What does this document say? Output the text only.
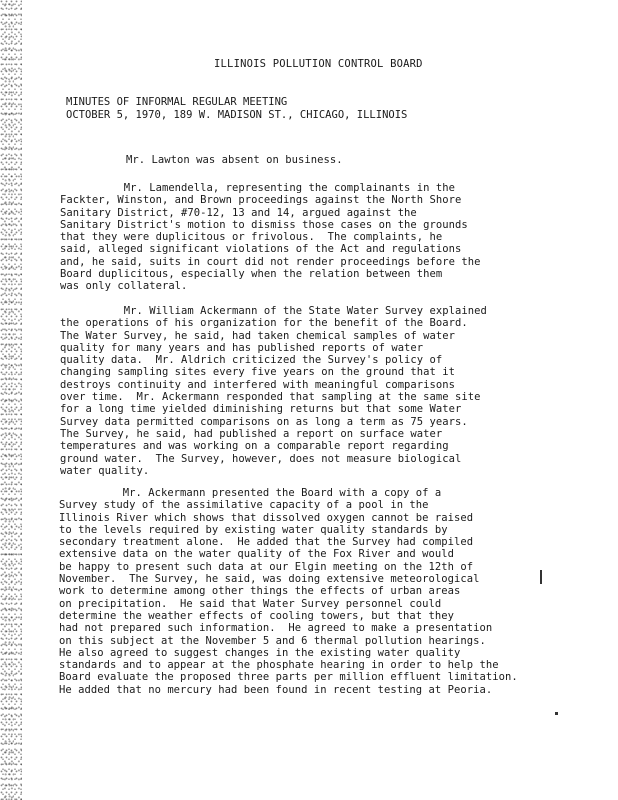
ILLINOIS POLLUTION CONTROL BOARD
MINUTES OF INFORMAL REGULAR MEETING
OCTOBER 5, 1970, 189 W. MADISON ST., CHICAGO, ILLINOIS
Mr. Lawton was absent on business.
Mr. Lamendella, representing the complainants in the
Fackter, Winston, and Brown proceedings against the North Shore
Sanitary District, #70-12, 13 and 14, argued against the
Sanitary District's motion to dismiss those cases on the grounds
that they were duplicitous or frivolous.  The complaints, he
said, alleged significant violations of the Act and regulations
and, he said, suits in court did not render proceedings before the
Board duplicitous, especially when the relation between them
was only collateral.
Mr. William Ackermann of the State Water Survey explained
the operations of his organization for the benefit of the Board.
The Water Survey, he said, had taken chemical samples of water
quality for many years and has published reports of water
quality data.  Mr. Aldrich criticized the Survey's policy of
changing sampling sites every five years on the ground that it
destroys continuity and interfered with meaningful comparisons
over time.  Mr. Ackermann responded that sampling at the same site
for a long time yielded diminishing returns but that some Water
Survey data permitted comparisons on as long a term as 75 years.
The Survey, he said, had published a report on surface water
temperatures and was working on a comparable report regarding
ground water.  The Survey, however, does not measure biological
water quality.
Mr. Ackermann presented the Board with a copy of a
Survey study of the assimilative capacity of a pool in the
Illinois River which shows that dissolved oxygen cannot be raised
to the levels required by existing water quality standards by
secondary treatment alone.  He added that the Survey had compiled
extensive data on the water quality of the Fox River and would
be happy to present such data at our Elgin meeting on the 12th of
November.  The Survey, he said, was doing extensive meteorological
work to determine among other things the effects of urban areas
on precipitation.  He said that Water Survey personnel could
determine the weather effects of cooling towers, but that they
had not prepared such information.  He agreed to make a presentation
on this subject at the November 5 and 6 thermal pollution hearings.
He also agreed to suggest changes in the existing water quality
standards and to appear at the phosphate hearing in order to help the
Board evaluate the proposed three parts per million effluent limitation.
He added that no mercury had been found in recent testing at Peoria.
